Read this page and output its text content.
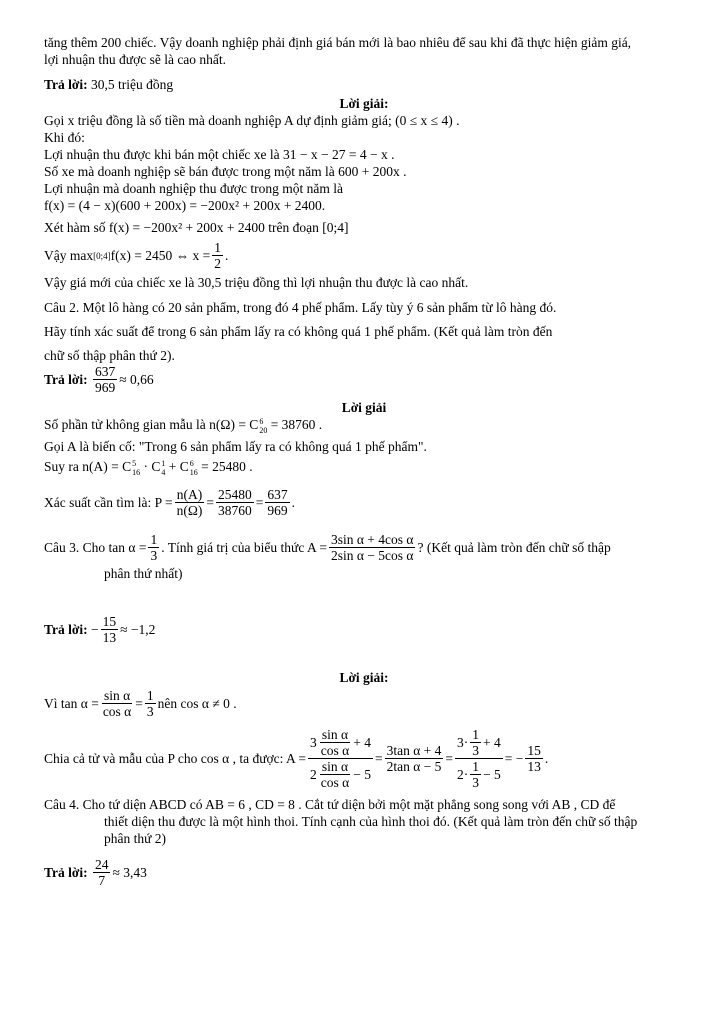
tăng thêm 200 chiếc. Vậy doanh nghiệp phải định giá bán mới là bao nhiêu để sau khi đã thực hiện giảm giá,

lợi nhuận thu được sẽ là cao nhất.

Trả lời: 30,5 triệu đồng

Lời giải:

Gọi x triệu đồng là số tiền mà doanh nghiệp A dự định giảm giá; (0 ≤ x ≤ 4) .

Khi đó:

Lợi nhuận thu được khi bán một chiếc xe là 31 − x − 27 = 4 − x .

Số xe mà doanh nghiệp sẽ bán được trong một năm là 600 + 200x .

Lợi nhuận mà doanh nghiệp thu được trong một năm là

f(x) = (4 − x)(600 + 200x) = −200x² + 200x + 2400.

Xét hàm số f(x) = −200x² + 200x + 2400 trên đoạn [0;4]

Vậy max [0;4] f(x) = 2450 ⇔ $x = \frac{1}{2}$ .

Vậy giá mới của chiếc xe là 30,5 triệu đồng thì lợi nhuận thu được là cao nhất.

Câu 2. Một lô hàng có 20 sản phẩm, trong đó 4 phế phẩm. Lấy tùy ý 6 sản phẩm từ lô hàng đó.

Hãy tính xác suất để trong 6 sản phẩm lấy ra có không quá 1 phế phẩm. (Kết quả làm tròn đến

chữ số thập phân thứ 2).

Trả lời:
$\frac{637}{969} \approx 0,66$

Lời giải

Số phần tử không gian mẫu là n(Ω) = C 6
20 = 38760 .

Gọi A là biến cố: "Trong 6 sản phẩm lấy ra có không quá 1 phế phẩm".

Suy ra n(A) = C 5
16 · C 1
4 + C 6
16 = 25480 .

Xác suất cần tìm là: $P = \frac{n(A)}{n(\Omega)} = \frac{25480}{38760} = \frac{637}{969}$ .

Câu 3. Cho $\tan \alpha = \frac{1}{3}$ . Tính giá trị của biểu thức $A = \frac{\text{3sin α + 4cos α}}{\text{2sin α − 5cos α}}$ ? (Kết quả làm tròn đến chữ số thập

phân thứ nhất)

Trả lời:
− $\frac{15}{13} \approx -1,2$

Lời giải:

Vì $\tan \alpha = \frac{\text{sin α}}{\text{cos α}} = \frac{1}{3}$ nên cos α ≠ 0 .

Chia cả tử và mẫu của P cho cos α , ta được: $A = \frac{3 \frac{\text{sin α}}{\text{cos α}} + 4}{2 \frac{\text{sin α}}{\text{cos α}} - 5} = \frac{\text{3tan α + 4}}{\text{2tan α − 5}} = \frac{3\cdot \frac{1}{3} + 4}{2\cdot \frac{1}{3} - 5}$ = − $\frac{15}{13}$ .

Câu 4. Cho tứ diện ABCD có AB = 6 , CD = 8 . Cắt tứ diện bởi một mặt phẳng song song với AB , CD để

thiết diện thu được là một hình thoi. Tính cạnh của hình thoi đó. (Kết quả làm tròn đến chữ số thập

phân thứ 2)

Trả lời:
$\frac{24}{7} \approx 3,43$
